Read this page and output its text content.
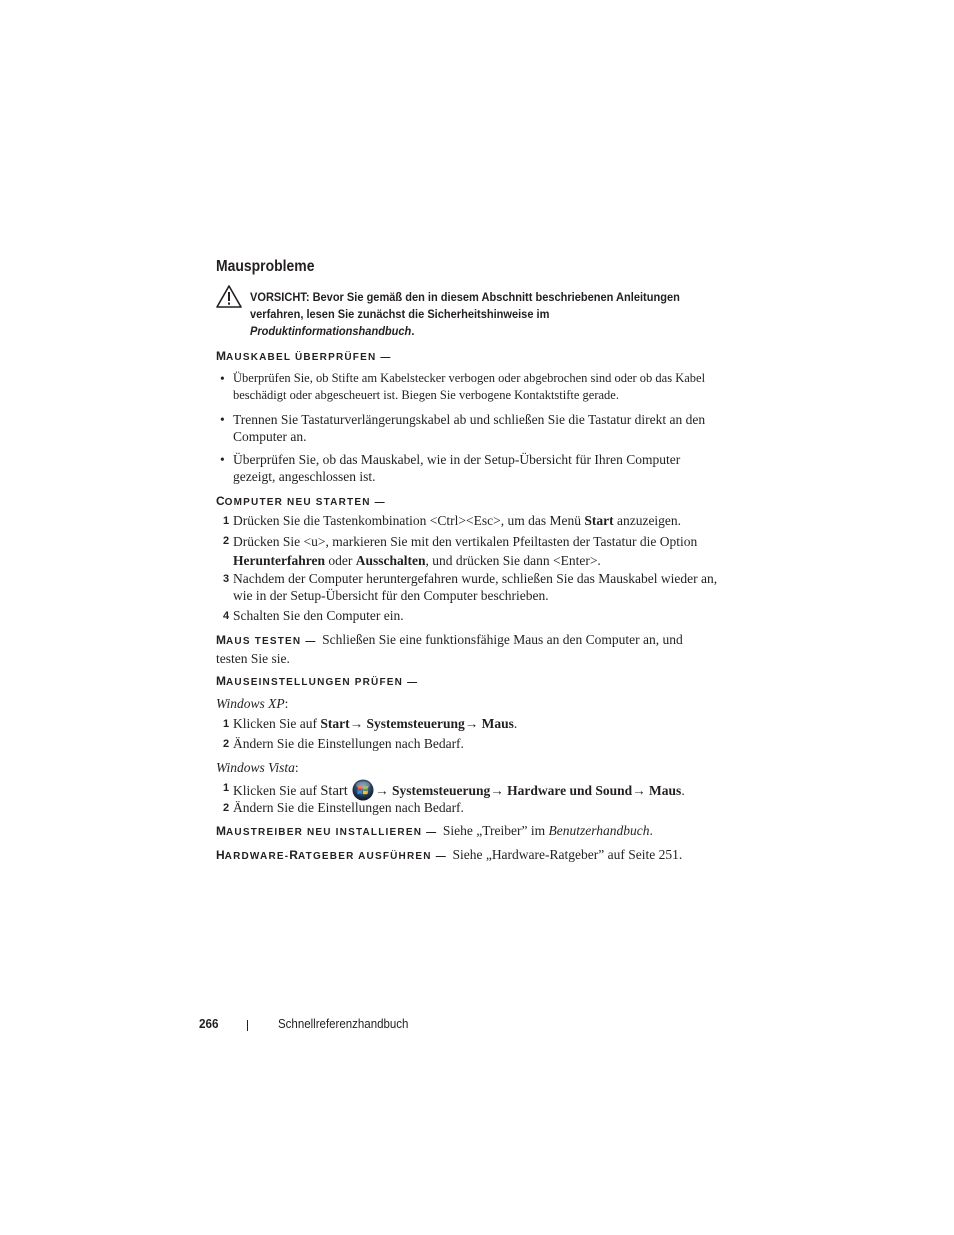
Mausprobleme
VORSICHT: Bevor Sie gemäß den in diesem Abschnitt beschriebenen Anleitungen verfahren, lesen Sie zunächst die Sicherheitshinweise im Produktinformationshandbuch.
MAUSKABEL ÜBERPRÜFEN —
• Überprüfen Sie, ob Stifte am Kabelstecker verbogen oder abgebrochen sind oder ob das Kabel beschädigt oder abgescheuert ist. Biegen Sie verbogene Kontaktstifte gerade.
• Trennen Sie Tastaturverlängerungskabel ab und schließen Sie die Tastatur direkt an den Computer an.
• Überprüfen Sie, ob das Mauskabel, wie in der Setup-Übersicht für Ihren Computer gezeigt, angeschlossen ist.
COMPUTER NEU STARTEN —
1 Drücken Sie die Tastenkombination <Ctrl><Esc>, um das Menü Start anzuzeigen.
2 Drücken Sie <u>, markieren Sie mit den vertikalen Pfeiltasten der Tastatur die Option Herunterfahren oder Ausschalten, und drücken Sie dann <Enter>.
3 Nachdem der Computer heruntergefahren wurde, schließen Sie das Mauskabel wieder an, wie in der Setup-Übersicht für den Computer beschrieben.
4 Schalten Sie den Computer ein.
MAUS TESTEN — Schließen Sie eine funktionsfähige Maus an den Computer an, und testen Sie sie.
MAUSEINSTELLUNGEN PRÜFEN —
Windows XP:
1 Klicken Sie auf Start→ Systemsteuerung→ Maus.
2 Ändern Sie die Einstellungen nach Bedarf.
Windows Vista:
1 Klicken Sie auf Start → Systemsteuerung→ Hardware und Sound→ Maus.
2 Ändern Sie die Einstellungen nach Bedarf.
MAUSTREIBER NEU INSTALLIEREN — Siehe „Treiber” im Benutzerhandbuch.
HARDWARE-RATGEBER AUSFÜHREN — Siehe „Hardware-Ratgeber” auf Seite 251.
266	Schnellreferenzhandbuch
